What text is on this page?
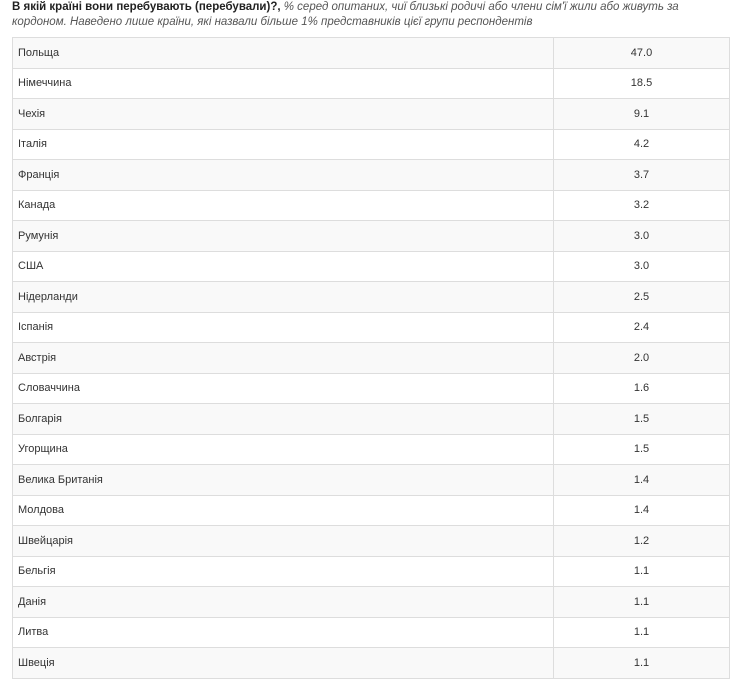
В якій країні вони перебувають (перебували)?, % серед опитаних, чиї близькі родичі або члени сім'ї жили або живуть за кордоном. Наведено лише країни, які назвали більше 1% представників цієї групи респондентів
Польща	47.0
Німеччина	18.5
Чехія	9.1
Італія	4.2
Франція	3.7
Канада	3.2
Румунія	3.0
США	3.0
Нідерланди	2.5
Іспанія	2.4
Австрія	2.0
Словаччина	1.6
Болгарія	1.5
Угорщина	1.5
Велика Британія	1.4
Молдова	1.4
Швейцарія	1.2
Бельгія	1.1
Данія	1.1
Литва	1.1
Швеція	1.1
